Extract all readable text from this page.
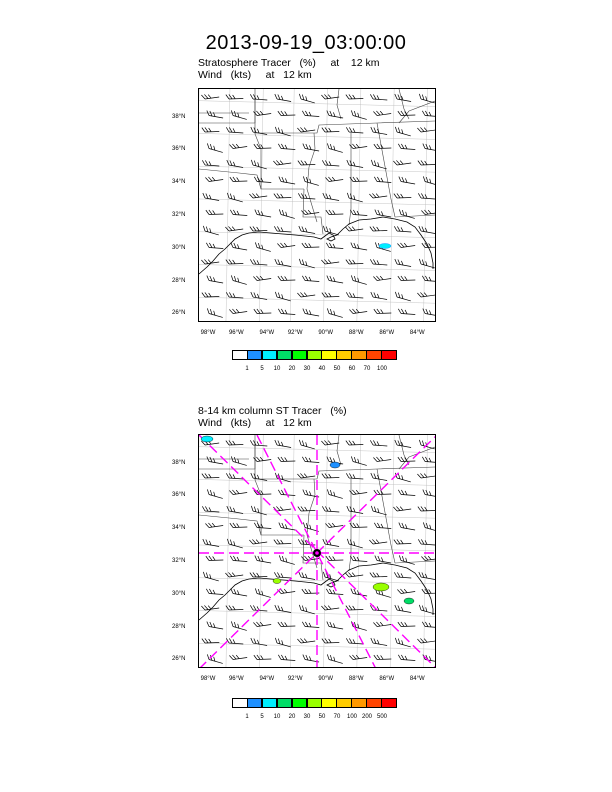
2013-09-19_03:00:00
Stratosphere Tracer   (%)     at    12 km
Wind   (kts)     at   12 km
38°N
36°N
34°N
32°N
30°N
28°N
26°N
98°W 96°W	94°W 92°W	90°W	88°W	86°W	84°W
1 5 10 20 30 40 50 60 70 100
8-14 km column ST Tracer   (%)
Wind   (kts)     at   12 km
38°N
36°N
34°N
32°N
30°N
28°N
26°N
98°W 96°W	94°W 92°W	90°W	88°W	86°W	84°W
1 5 10 20 30 50 70 100 200 500
